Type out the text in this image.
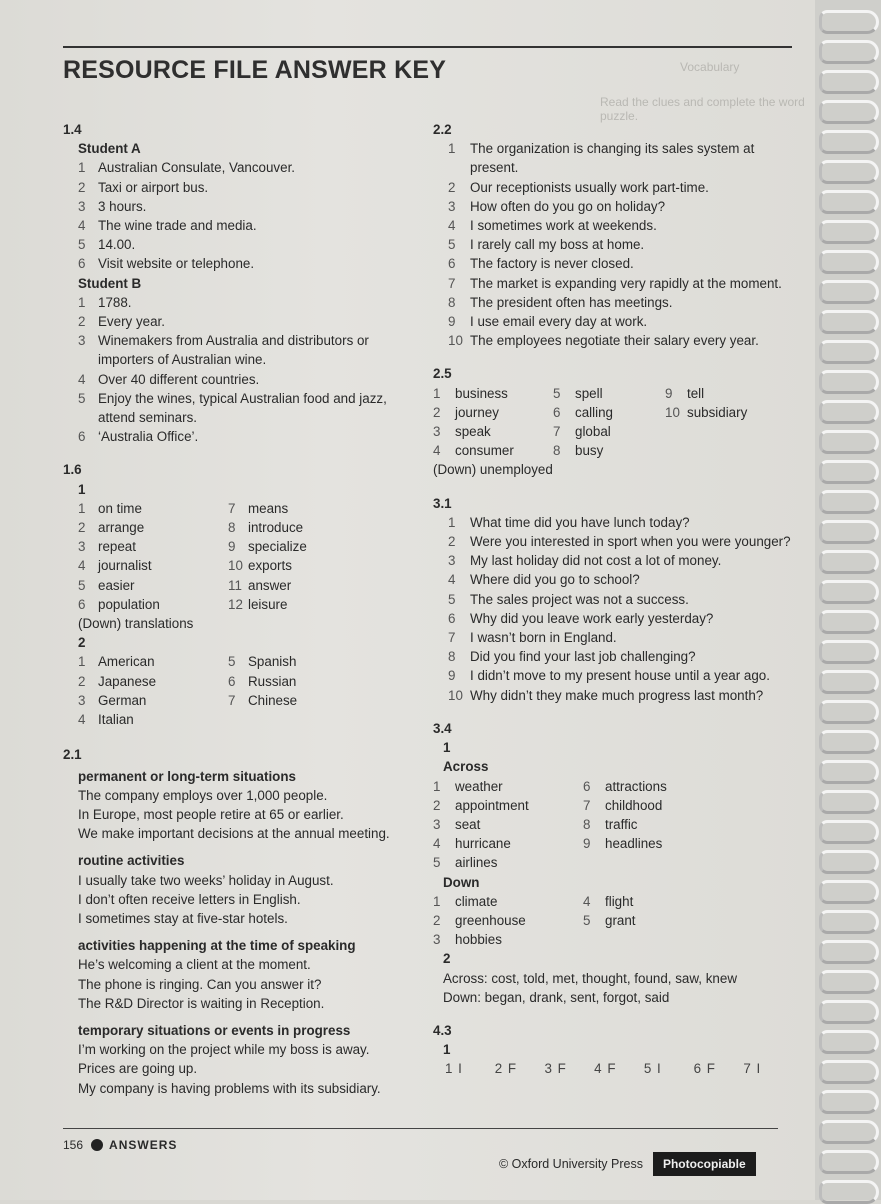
Vocabulary
Read the clues and complete the word puzzle.
RESOURCE FILE ANSWER KEY
1.4
Student A
1 Australian Consulate, Vancouver.
2 Taxi or airport bus.
3 3 hours.
4 The wine trade and media.
5 14.00.
6 Visit website or telephone.
Student B
1 1788.
2 Every year.
3 Winemakers from Australia and distributors or importers of Australian wine.
4 Over 40 different countries.
5 Enjoy the wines, typical Australian food and jazz, attend seminars.
6 ‘Australia Office’.
1.6
1
1 on time
2 arrange
3 repeat
4 journalist
5 easier
6 population
7 means
8 introduce
9 specialize
10 exports
11 answer
12 leisure
(Down) translations
2
1 American
2 Japanese
3 German
4 Italian
5 Spanish
6 Russian
7 Chinese
2.1
permanent or long-term situations
The company employs over 1,000 people.
In Europe, most people retire at 65 or earlier.
We make important decisions at the annual meeting.
routine activities
I usually take two weeks’ holiday in August.
I don’t often receive letters in English.
I sometimes stay at five-star hotels.
activities happening at the time of speaking
He’s welcoming a client at the moment.
The phone is ringing. Can you answer it?
The R&D Director is waiting in Reception.
temporary situations or events in progress
I’m working on the project while my boss is away.
Prices are going up.
My company is having problems with its subsidiary.
2.2
1	The organization is changing its sales system at present.
2	Our receptionists usually work part-time.
3	How often do you go on holiday?
4	I sometimes work at weekends.
5	I rarely call my boss at home.
6	The factory is never closed.
7	The market is expanding very rapidly at the moment.
8	The president often has meetings.
9	I use email every day at work.
10 The employees negotiate their salary every year.
2.5
1	business
2	journey
3	speak
4	consumer
5	spell
6	calling
7	global
8	busy
9	tell
10 subsidiary
(Down) unemployed
3.1
1	What time did you have lunch today?
2	Were you interested in sport when you were younger?
3	My last holiday did not cost a lot of money.
4	Where did you go to school?
5	The sales project was not a success.
6	Why did you leave work early yesterday?
7	I wasn’t born in England.
8	Did you find your last job challenging?
9	I didn’t move to my present house until a year ago.
10 Why didn’t they make much progress last month?
3.4
1
Across
1	weather
2	appointment
3	seat
4	hurricane
5	airlines
6	attractions
7	childhood
8	traffic
9	headlines
Down
1	climate
2	greenhouse
3	hobbies
4	flight
5	grant
2
Across: cost, told, met, thought, found, saw, knew
Down: began, drank, sent, forgot, said
4.3
1
1 I	2 F	3 F	4 F	5 I	6 F	7 I
156 ANSWERS
© Oxford University Press	Photocopiable
